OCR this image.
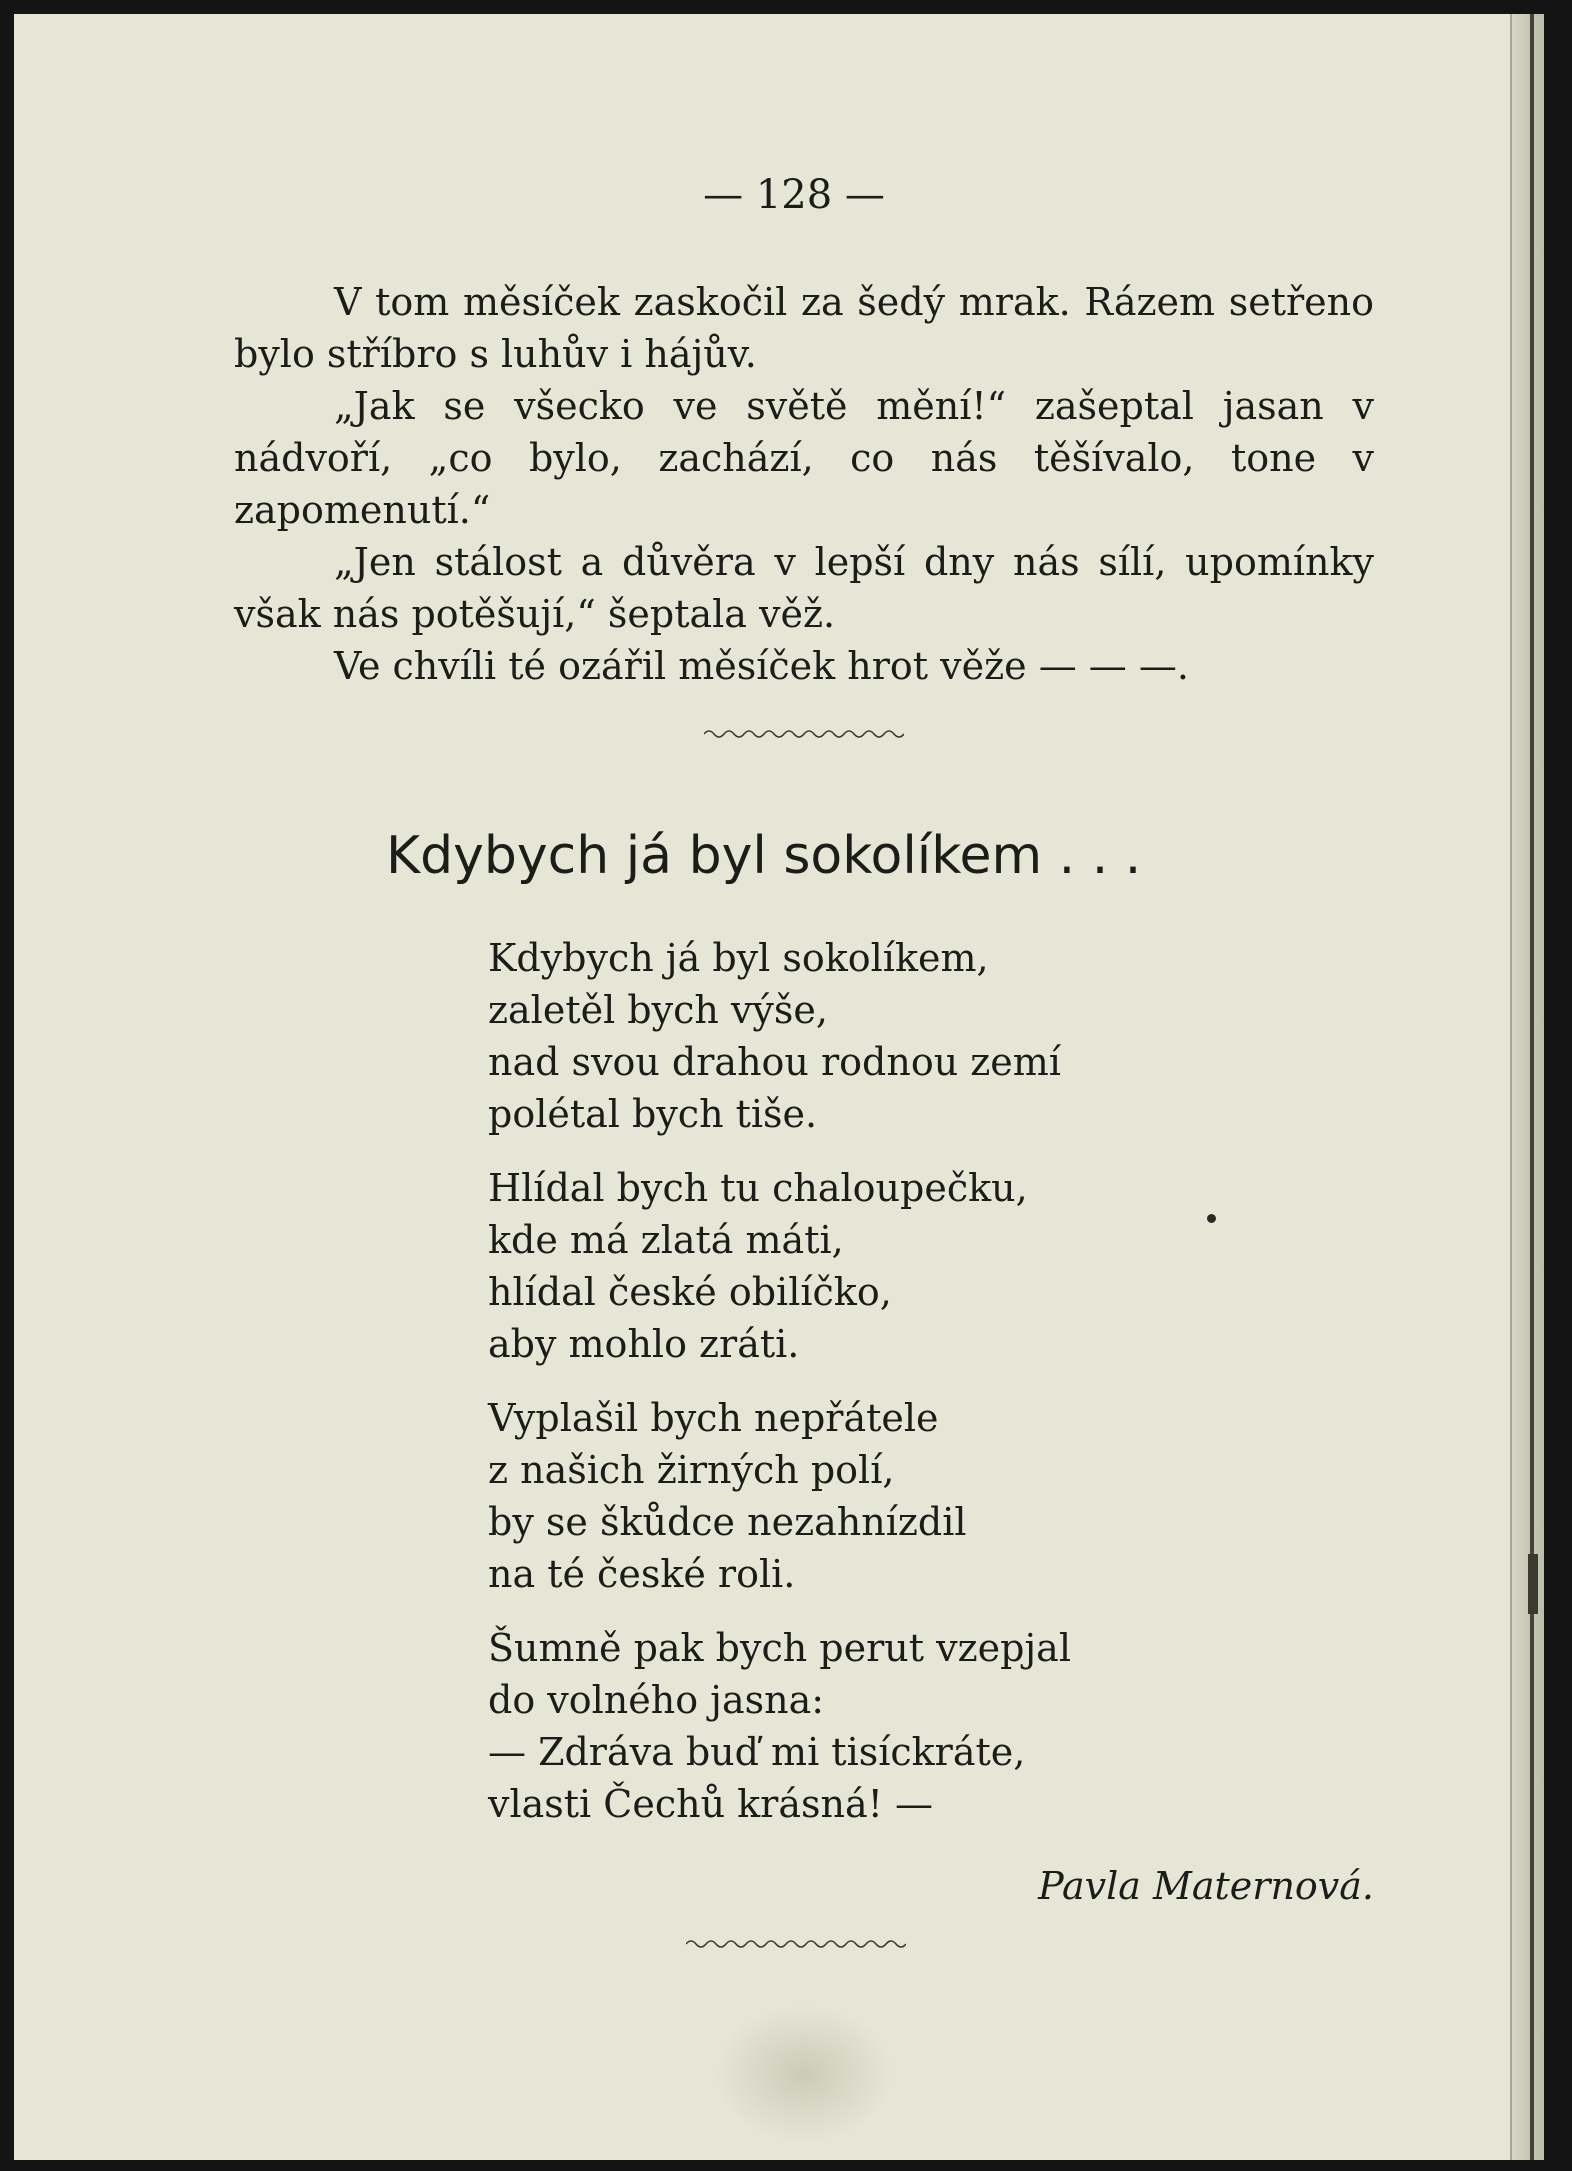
— 128 —

V tom měsíček zaskočil za šedý mrak. Rázem setřeno bylo stříbro s luhův i hájův.

„Jak se všecko ve světě mění!“ zašeptal jasan v nádvoří, „co bylo, zachází, co nás těšívalo, tone v zapomenutí.“

„Jen stálost a důvěra v lepší dny nás sílí, upomínky však nás potěšují,“ šeptala věž.

Ve chvíli té ozářil měsíček hrot věže — — —.

Kdybych já byl sokolíkem . . .
Kdybych já byl sokolíkem,
zaletěl bych výše,
nad svou drahou rodnou zemí
polétal bych tiše.
Hlídal bych tu chaloupečku,
kde má zlatá máti,
hlídal české obilíčko,
aby mohlo zráti.
Vyplašil bych nepřátele
z našich žirných polí,
by se škůdce nezahnízdil
na té české roli.
Šumně pak bych perut vzepjal
do volného jasna:
— Zdráva buď mi tisíckráte,
vlasti Čechů krásná! —
Pavla Maternová.
